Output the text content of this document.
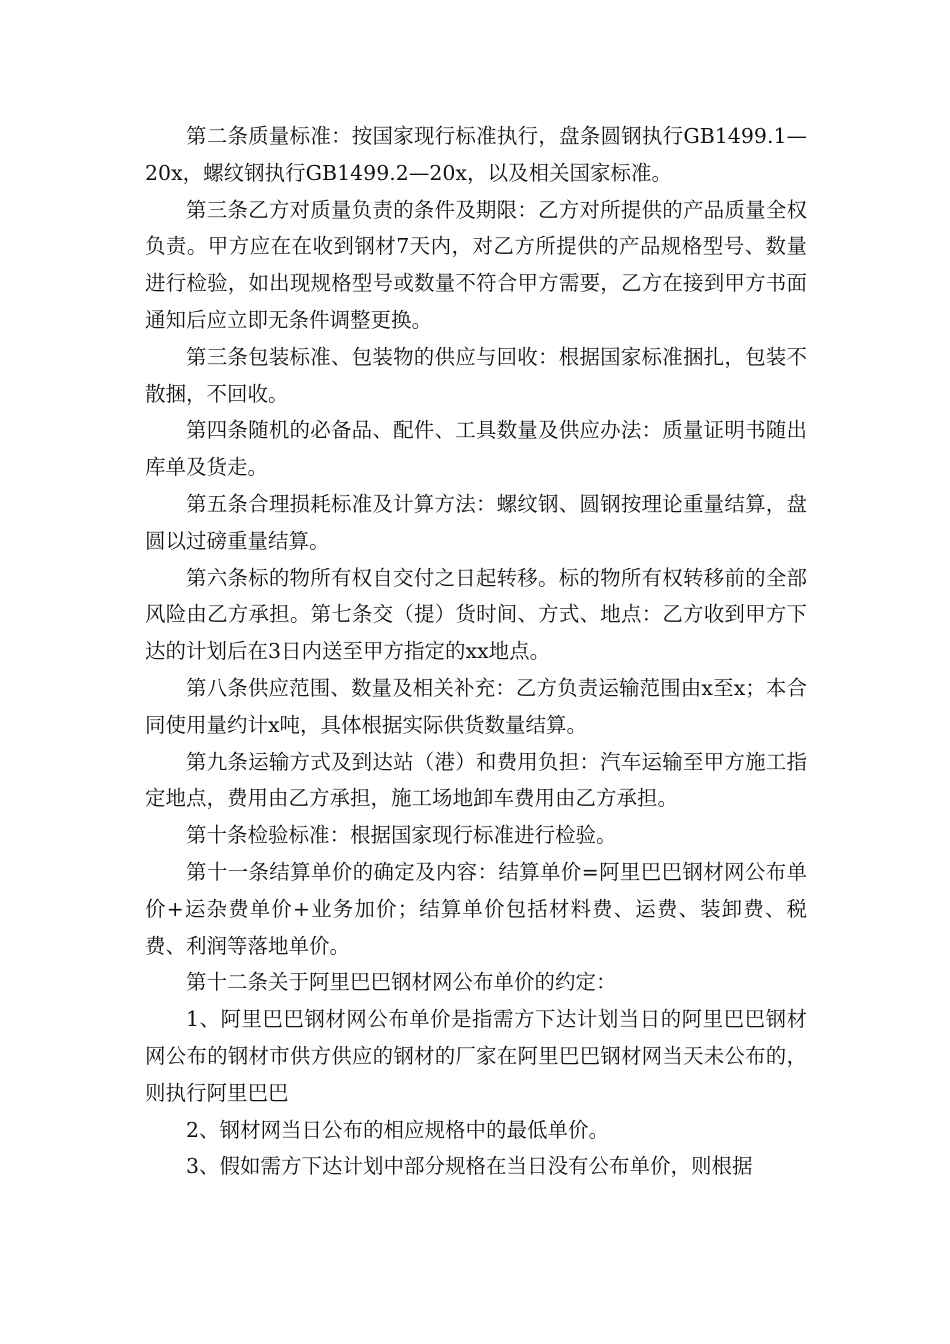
第二条质量标准：按国家现行标准执行，盘条圆钢执行GB1499.1—20x，螺纹钢执行GB1499.2—20x，以及相关国家标准。

第三条乙方对质量负责的条件及期限：乙方对所提供的产品质量全权负责。甲方应在在收到钢材7天内，对乙方所提供的产品规格型号、数量进行检验，如出现规格型号或数量不符合甲方需要，乙方在接到甲方书面通知后应立即无条件调整更换。

第三条包装标准、包装物的供应与回收：根据国家标准捆扎，包装不散捆，不回收。

第四条随机的必备品、配件、工具数量及供应办法：质量证明书随出库单及货走。

第五条合理损耗标准及计算方法：螺纹钢、圆钢按理论重量结算，盘圆以过磅重量结算。

第六条标的物所有权自交付之日起转移。标的物所有权转移前的全部风险由乙方承担。第七条交（提）货时间、方式、地点：乙方收到甲方下达的计划后在3日内送至甲方指定的xx地点。

第八条供应范围、数量及相关补充：乙方负责运输范围由x至x；本合同使用量约计x吨，具体根据实际供货数量结算。

第九条运输方式及到达站（港）和费用负担：汽车运输至甲方施工指定地点，费用由乙方承担，施工场地卸车费用由乙方承担。

第十条检验标准：根据国家现行标准进行检验。

第十一条结算单价的确定及内容：结算单价=阿里巴巴钢材网公布单价+运杂费单价+业务加价；结算单价包括材料费、运费、装卸费、税费、利润等落地单价。

第十二条关于阿里巴巴钢材网公布单价的约定：

1、阿里巴巴钢材网公布单价是指需方下达计划当日的阿里巴巴钢材网公布的钢材市供方供应的钢材的厂家在阿里巴巴钢材网当天未公布的，则执行阿里巴巴

2、钢材网当日公布的相应规格中的最低单价。

3、假如需方下达计划中部分规格在当日没有公布单价，则根据
